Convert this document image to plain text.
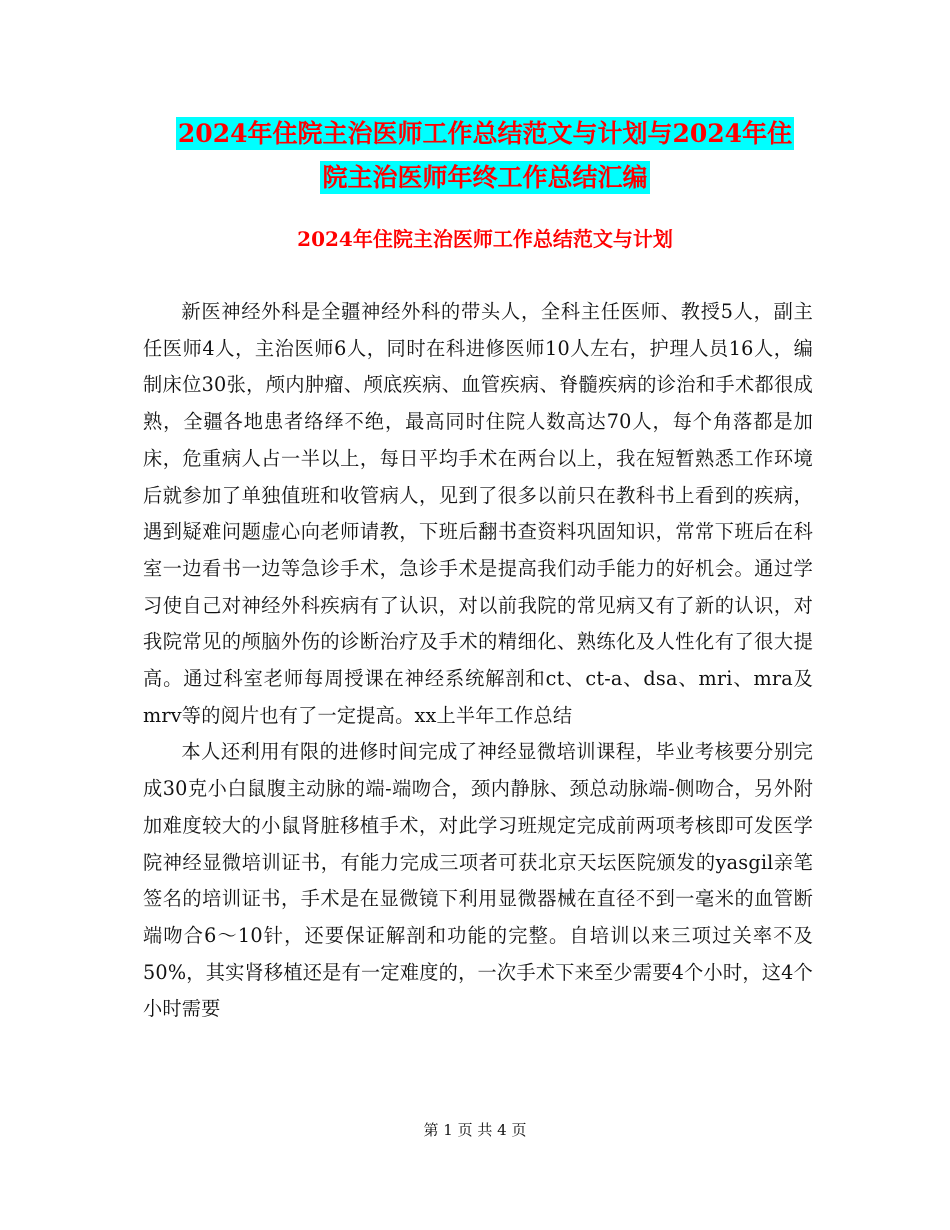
2024年住院主治医师工作总结范文与计划与2024年住
院主治医师年终工作总结汇编
2024年住院主治医师工作总结范文与计划

新医神经外科是全疆神经外科的带头人，全科主任医师、教授5人，副主任医师4人，主治医师6人，同时在科进修医师10人左右，护理人员16人，编制床位30张，颅内肿瘤、颅底疾病、血管疾病、脊髓疾病的诊治和手术都很成熟，全疆各地患者络绎不绝，最高同时住院人数高达70人，每个角落都是加床，危重病人占一半以上，每日平均手术在两台以上，我在短暂熟悉工作环境后就参加了单独值班和收管病人，见到了很多以前只在教科书上看到的疾病，遇到疑难问题虚心向老师请教，下班后翻书查资料巩固知识，常常下班后在科室一边看书一边等急诊手术，急诊手术是提高我们动手能力的好机会。通过学习使自己对神经外科疾病有了认识，对以前我院的常见病又有了新的认识，对我院常见的颅脑外伤的诊断治疗及手术的精细化、熟练化及人性化有了很大提高。通过科室老师每周授课在神经系统解剖和ct、ct-a、dsa、mri、mra及mrv等的阅片也有了一定提高。xx上半年工作总结

本人还利用有限的进修时间完成了神经显微培训课程，毕业考核要分别完成30克小白鼠腹主动脉的端-端吻合，颈内静脉、颈总动脉端-侧吻合，另外附加难度较大的小鼠肾脏移植手术，对此学习班规定完成前两项考核即可发医学院神经显微培训证书，有能力完成三项者可获北京天坛医院颁发的yasgil亲笔签名的培训证书，手术是在显微镜下利用显微器械在直径不到一毫米的血管断端吻合6～10针，还要保证解剖和功能的完整。自培训以来三项过关率不及50%，其实肾移植还是有一定难度的，一次手术下来至少需要4个小时，这4个小时需要

第 1 页 共 4 页
